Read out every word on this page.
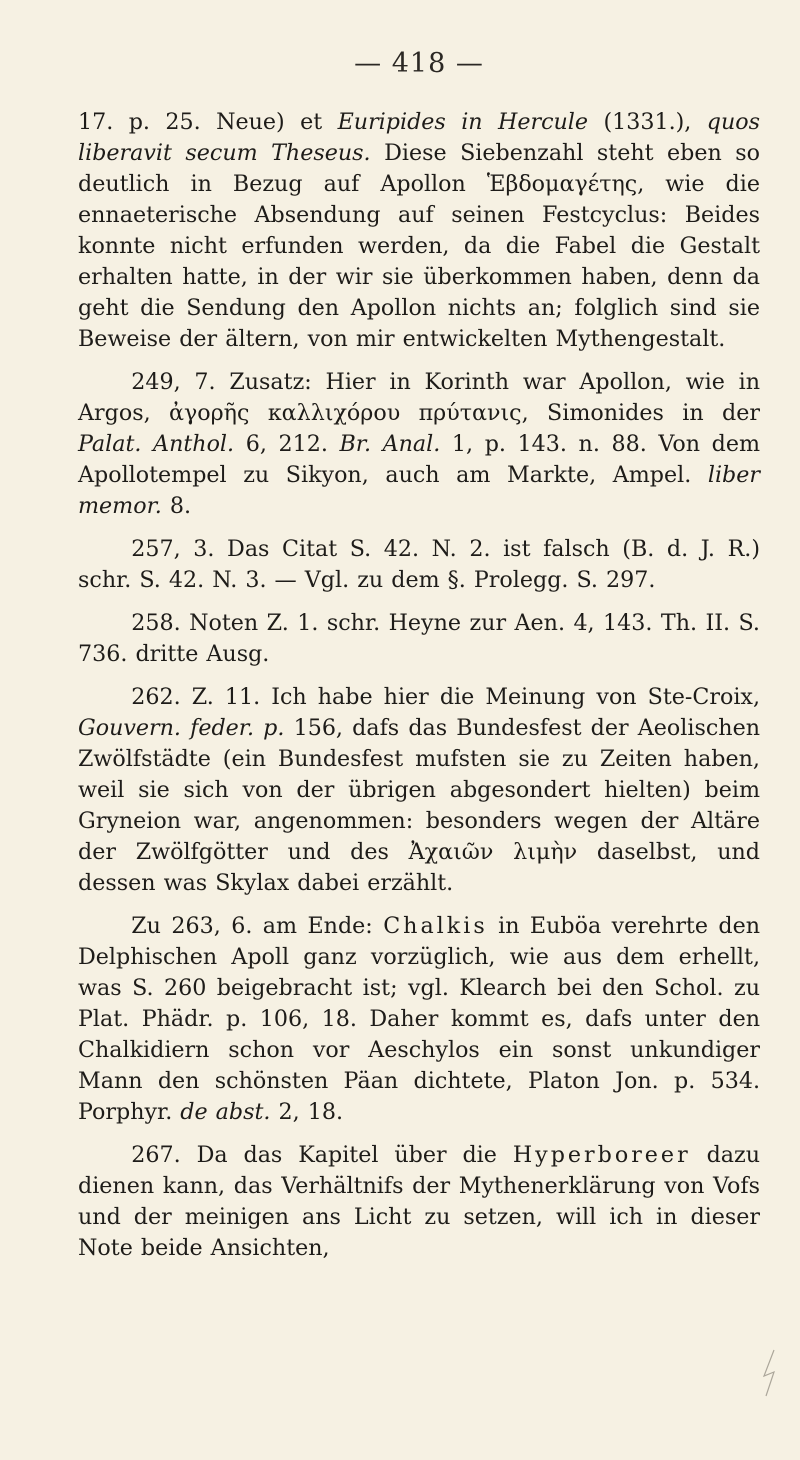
— 418 —

17. p. 25. Neue) et Euripides in Hercule (1331.), quos liberavit secum Theseus. Diese Siebenzahl steht eben so deutlich in Bezug auf Apollon Ἑβδομαγέτης, wie die ennaeterische Absendung auf seinen Festcyclus: Beides konnte nicht erfunden werden, da die Fabel die Gestalt erhalten hatte, in der wir sie überkommen haben, denn da geht die Sendung den Apollon nichts an; folglich sind sie Beweise der ältern, von mir entwickelten Mythengestalt.

249, 7. Zusatz: Hier in Korinth war Apollon, wie in Argos, ἀγορῆς καλλιχόρου πρύτανις, Simonides in der Palat. Anthol. 6, 212. Br. Anal. 1, p. 143. n. 88. Von dem Apollotempel zu Sikyon, auch am Markte, Ampel. liber memor. 8.

257, 3. Das Citat S. 42. N. 2. ist falsch (B. d. J. R.) schr. S. 42. N. 3. — Vgl. zu dem §. Prolegg. S. 297.

258. Noten Z. 1. schr. Heyne zur Aen. 4, 143. Th. II. S. 736. dritte Ausg.

262. Z. 11. Ich habe hier die Meinung von Ste-Croix, Gouvern. feder. p. 156, dafs das Bundesfest der Aeolischen Zwölfstädte (ein Bundesfest mufsten sie zu Zeiten haben, weil sie sich von der übrigen abgesondert hielten) beim Gryneion war, angenommen: besonders wegen der Altäre der Zwölfgötter und des Ἀχαιῶν λιμὴν daselbst, und dessen was Skylax dabei erzählt.

Zu 263, 6. am Ende: Chalkis in Euböa verehrte den Delphischen Apoll ganz vorzüglich, wie aus dem erhellt, was S. 260 beigebracht ist; vgl. Klearch bei den Schol. zu Plat. Phädr. p. 106, 18. Daher kommt es, dafs unter den Chalkidiern schon vor Aeschylos ein sonst unkundiger Mann den schönsten Päan dichtete, Platon Jon. p. 534. Porphyr. de abst. 2, 18.

267. Da das Kapitel über die Hyperboreer dazu dienen kann, das Verhältnifs der Mythenerklärung von Vofs und der meinigen ans Licht zu setzen, will ich in dieser Note beide Ansichten,
